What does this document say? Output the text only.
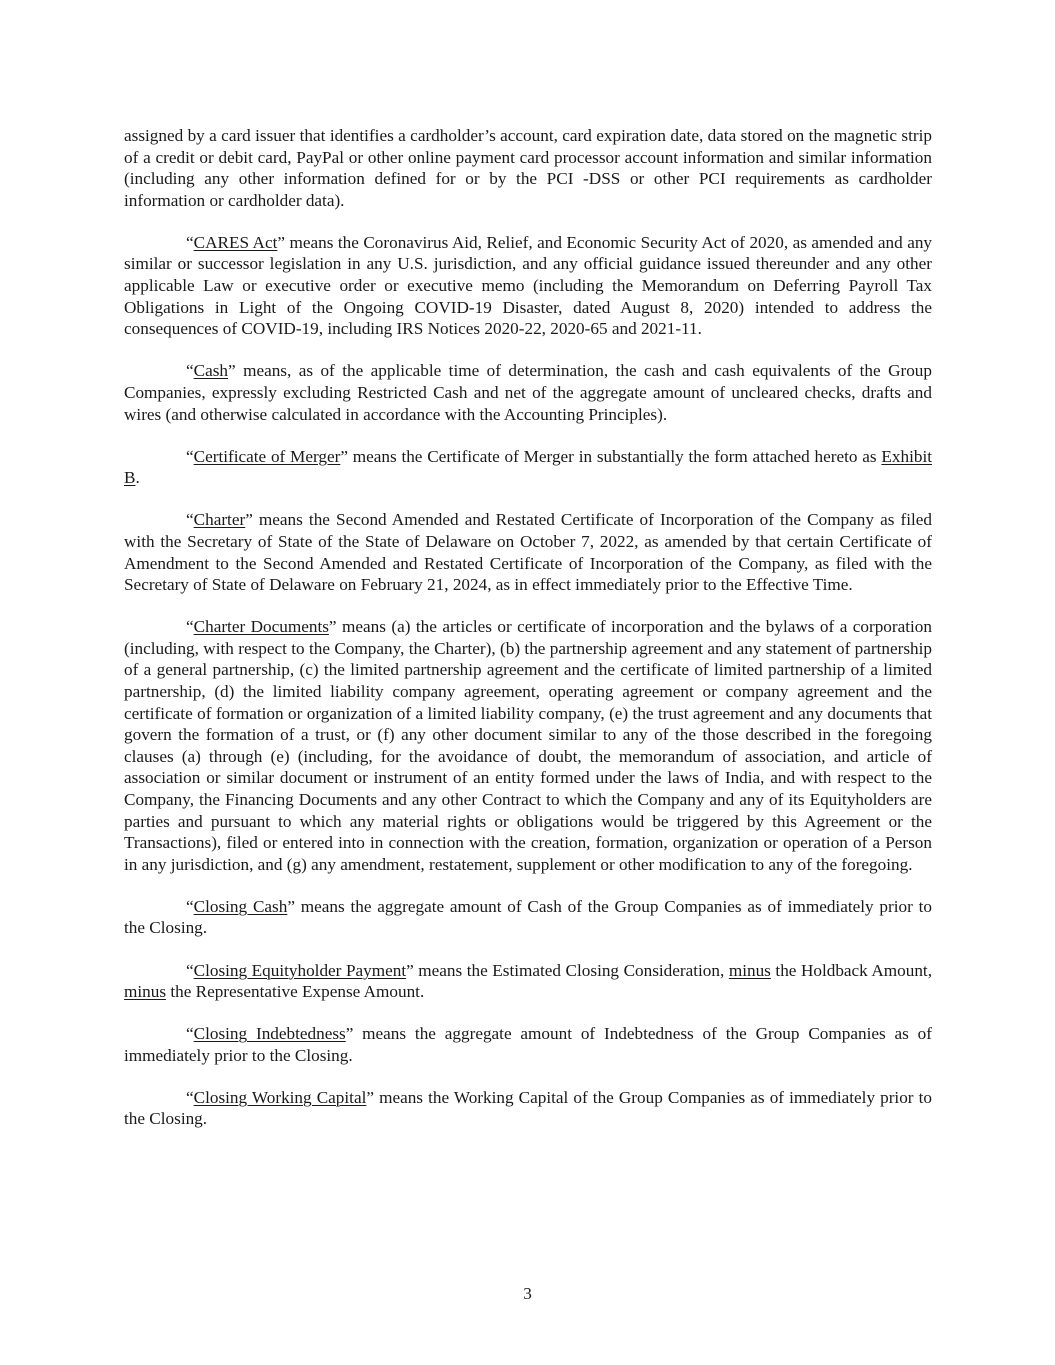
assigned by a card issuer that identifies a cardholder’s account, card expiration date, data stored on the magnetic strip of a credit or debit card, PayPal or other online payment card processor account information and similar information (including any other information defined for or by the PCI -DSS or other PCI requirements as cardholder information or cardholder data).

“CARES Act” means the Coronavirus Aid, Relief, and Economic Security Act of 2020, as amended and any similar or successor legislation in any U.S. jurisdiction, and any official guidance issued thereunder and any other applicable Law or executive order or executive memo (including the Memorandum on Deferring Payroll Tax Obligations in Light of the Ongoing COVID-19 Disaster, dated August 8, 2020) intended to address the consequences of COVID-19, including IRS Notices 2020-22, 2020-65 and 2021-11.

“Cash” means, as of the applicable time of determination, the cash and cash equivalents of the Group Companies, expressly excluding Restricted Cash and net of the aggregate amount of uncleared checks, drafts and wires (and otherwise calculated in accordance with the Accounting Principles).

“Certificate of Merger” means the Certificate of Merger in substantially the form attached hereto as Exhibit B.

“Charter” means the Second Amended and Restated Certificate of Incorporation of the Company as filed with the Secretary of State of the State of Delaware on October 7, 2022, as amended by that certain Certificate of Amendment to the Second Amended and Restated Certificate of Incorporation of the Company, as filed with the Secretary of State of Delaware on February 21, 2024, as in effect immediately prior to the Effective Time.

“Charter Documents” means (a) the articles or certificate of incorporation and the bylaws of a corporation (including, with respect to the Company, the Charter), (b) the partnership agreement and any statement of partnership of a general partnership, (c) the limited partnership agreement and the certificate of limited partnership of a limited partnership, (d) the limited liability company agreement, operating agreement or company agreement and the certificate of formation or organization of a limited liability company, (e) the trust agreement and any documents that govern the formation of a trust, or (f) any other document similar to any of the those described in the foregoing clauses (a) through (e) (including, for the avoidance of doubt, the memorandum of association, and article of association or similar document or instrument of an entity formed under the laws of India, and with respect to the Company, the Financing Documents and any other Contract to which the Company and any of its Equityholders are parties and pursuant to which any material rights or obligations would be triggered by this Agreement or the Transactions), filed or entered into in connection with the creation, formation, organization or operation of a Person in any jurisdiction, and (g) any amendment, restatement, supplement or other modification to any of the foregoing.

“Closing Cash” means the aggregate amount of Cash of the Group Companies as of immediately prior to the Closing.

“Closing Equityholder Payment” means the Estimated Closing Consideration, minus the Holdback Amount, minus the Representative Expense Amount.

“Closing Indebtedness” means the aggregate amount of Indebtedness of the Group Companies as of immediately prior to the Closing.

“Closing Working Capital” means the Working Capital of the Group Companies as of immediately prior to the Closing.

3
